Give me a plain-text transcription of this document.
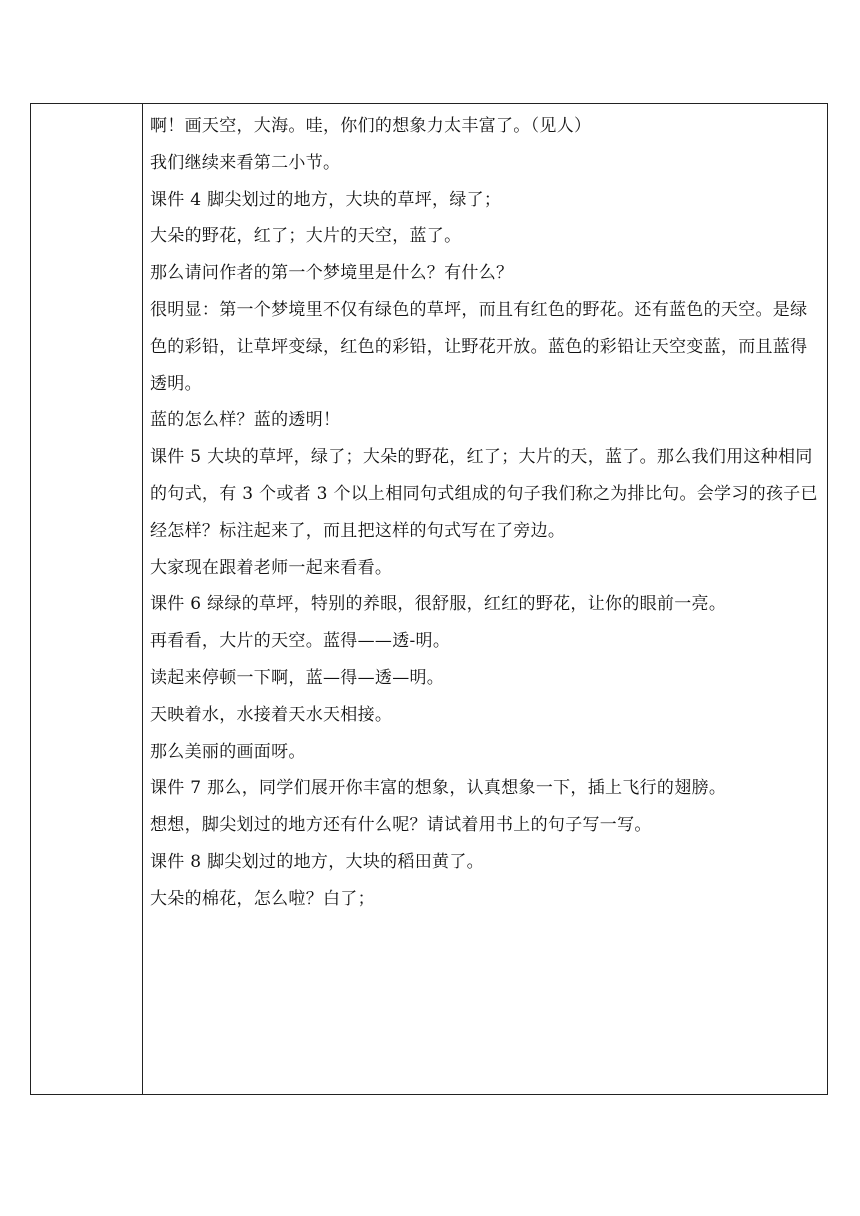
啊！画天空，大海。哇，你们的想象力太丰富了。（见人）

我们继续来看第二小节。

课件 4 脚尖划过的地方，大块的草坪，绿了；

大朵的野花，红了；大片的天空，蓝了。

那么请问作者的第一个梦境里是什么？有什么？

很明显：第一个梦境里不仅有绿色的草坪，而且有红色的野花。还有蓝色的天空。是绿色的彩铅，让草坪变绿，红色的彩铅，让野花开放。蓝色的彩铅让天空变蓝，而且蓝得透明。

蓝的怎么样？蓝的透明！

课件 5 大块的草坪，绿了；大朵的野花，红了；大片的天，蓝了。那么我们用这种相同的句式，有 3 个或者 3 个以上相同句式组成的句子我们称之为排比句。会学习的孩子已经怎样？标注起来了，而且把这样的句式写在了旁边。

大家现在跟着老师一起来看看。

课件 6 绿绿的草坪，特别的养眼，很舒服，红红的野花，让你的眼前一亮。

再看看，大片的天空。蓝得——透-明。

读起来停顿一下啊，蓝—得—透—明。

天映着水，水接着天水天相接。

那么美丽的画面呀。

课件 7 那么，同学们展开你丰富的想象，认真想象一下，插上飞行的翅膀。

想想，脚尖划过的地方还有什么呢？请试着用书上的句子写一写。

课件 8 脚尖划过的地方，大块的稻田黄了。

大朵的棉花，怎么啦？白了；
